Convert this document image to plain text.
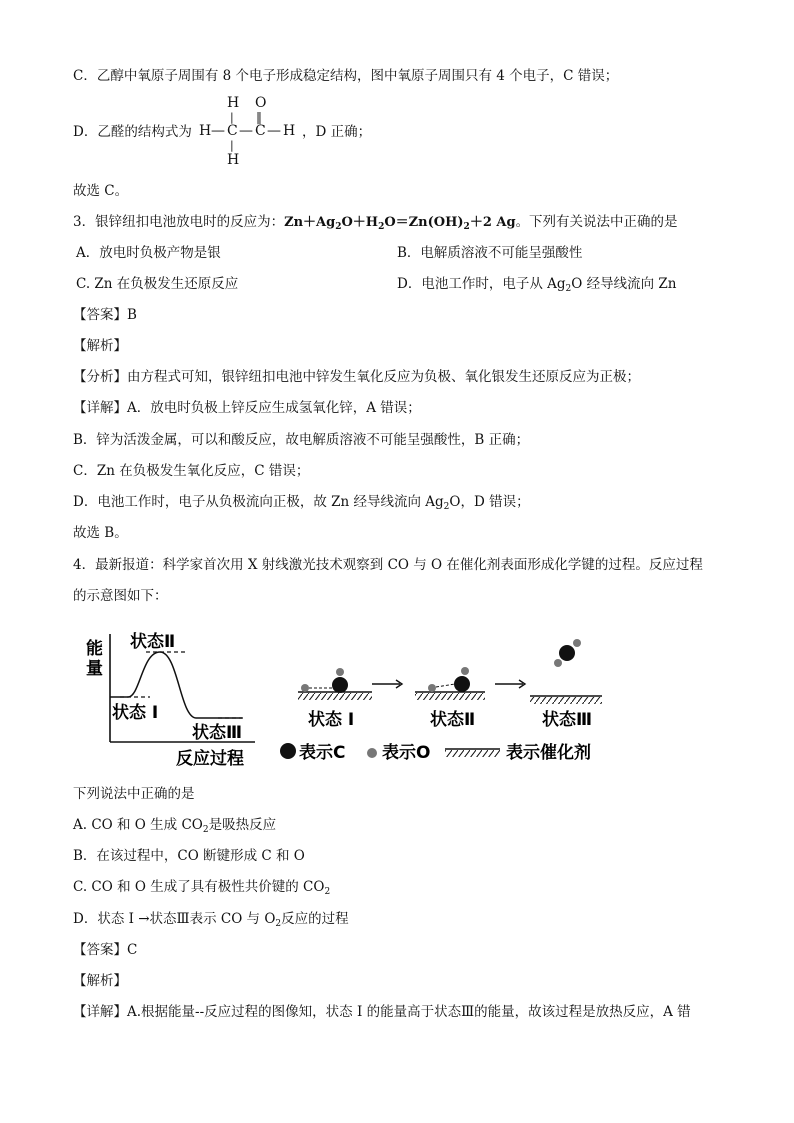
C．乙醇中氧原子周围有 8 个电子形成稳定结构，图中氧原子周围只有 4 个电子，C 错误；
D．乙醛的结构式为
H O
| ‖
H — C — C — H
|
H
，D 正确；
故选 C。
3．银锌纽扣电池放电时的反应为：$Zn+Ag_2O+H_2O=Zn(OH)_2+2$ Ag。下列有关说法中正确的是
A．放电时负极产物是银	B．电解质溶液不可能呈强酸性
C. Zn 在负极发生还原反应	D．电池工作时，电子从 $Ag_2O$ 经导线流向 Zn
【答案】B
【解析】
【分析】由方程式可知，银锌纽扣电池中锌发生氧化反应为负极、氧化银发生还原反应为正极；
【详解】A．放电时负极上锌反应生成氢氧化锌，A 错误；
B．锌为活泼金属，可以和酸反应，故电解质溶液不可能呈强酸性，B 正确；
C．Zn 在负极发生氧化反应，C 错误；
D．电池工作时，电子从负极流向正极，故 Zn 经导线流向 $Ag_2O$，D 错误；
故选 B。
4．最新报道：科学家首次用 X 射线激光技术观察到 CO 与 O 在催化剂表面形成化学键的过程。反应过程
的示意图如下：
能
量
状态Ⅱ
状态 I
状态Ⅲ
反应过程
状态 I	状态Ⅱ	状态Ⅲ
表示C 表示O	表示催化剂
下列说法中正确的是
A. CO 和 O 生成 $CO_2$是吸热反应
B．在该过程中，CO 断键形成 C 和 O
C. CO 和 O 生成了具有极性共价键的 $CO_2$
D．状态 I →状态Ⅲ表示 CO 与 $O_2$反应的过程
【答案】C
【解析】
【详解】A.根据能量--反应过程的图像知，状态 I 的能量高于状态Ⅲ的能量，故该过程是放热反应，A 错
